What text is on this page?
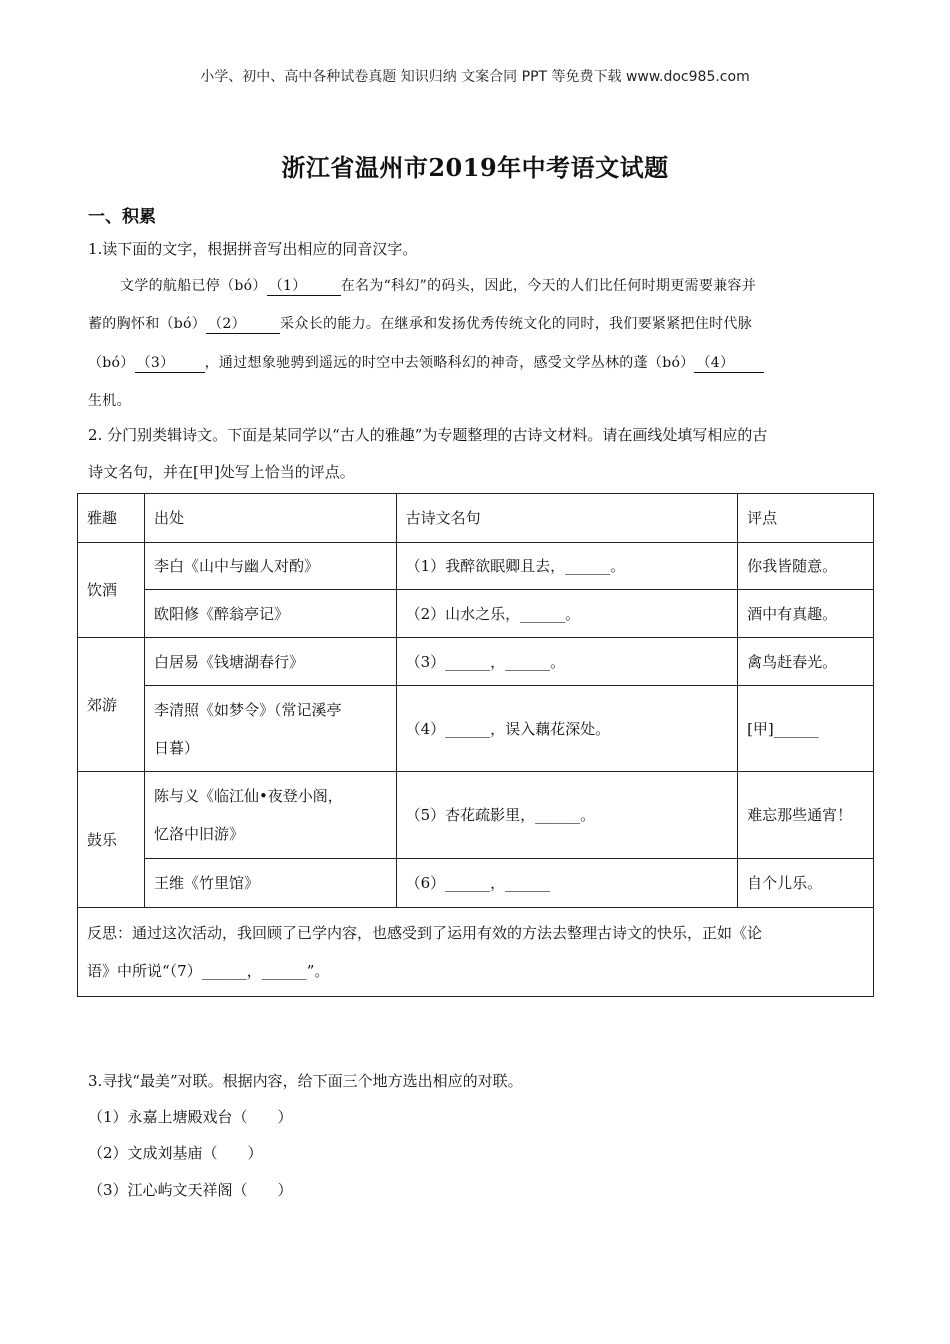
小学、初中、高中各种试卷真题 知识归纳 文案合同 PPT 等免费下载 www.doc985.com
浙江省温州市2019年中考语文试题
一、积累
1.读下面的文字，根据拼音写出相应的同音汉字。
文学的航船已停（bó） （1） 在名为“科幻”的码头，因此，今天的人们比任何时期更需要兼容并
蓄的胸怀和（bó） （2） 采众长的能力。在继承和发扬优秀传统文化的同时，我们要紧紧把住时代脉
（bó） （3） ，通过想象驰骋到遥远的时空中去领略科幻的神奇，感受文学丛林的蓬（bó） （4）
生机。
2. 分门别类辑诗文。下面是某同学以“古人的雅趣”为专题整理的古诗文材料。请在画线处填写相应的古
诗文名句，并在[甲]处写上恰当的评点。
雅趣	出处	古诗文名句	评点
饮酒	李白《山中与幽人对酌》	（1）我醉欲眠卿且去，______。	你我皆随意。
	欧阳修《醉翁亭记》	（2）山水之乐，______。	酒中有真趣。
郊游	白居易《钱塘湖春行》	（3）______，______。	禽鸟赶春光。

	李清照《如梦令》（常记溪亭
日暮）	（4）______，误入藕花深处。	[甲]______
鼓乐	陈与义《临江仙•夜登小阁，
忆洛中旧游》	（5）杏花疏影里，______。	难忘那些通宵！
	王维《竹里馆》	（6）______，______	自个儿乐。

反思：通过这次活动，我回顾了已学内容，也感受到了运用有效的方法去整理古诗文的快乐，正如《论
语》中所说“（7）______，______”。			
3.寻找“最美”对联。根据内容，给下面三个地方选出相应的对联。
（1）永嘉上塘殿戏台（　　）
（2）文成刘基庙（　　）
（3）江心屿文天祥阁（　　）
